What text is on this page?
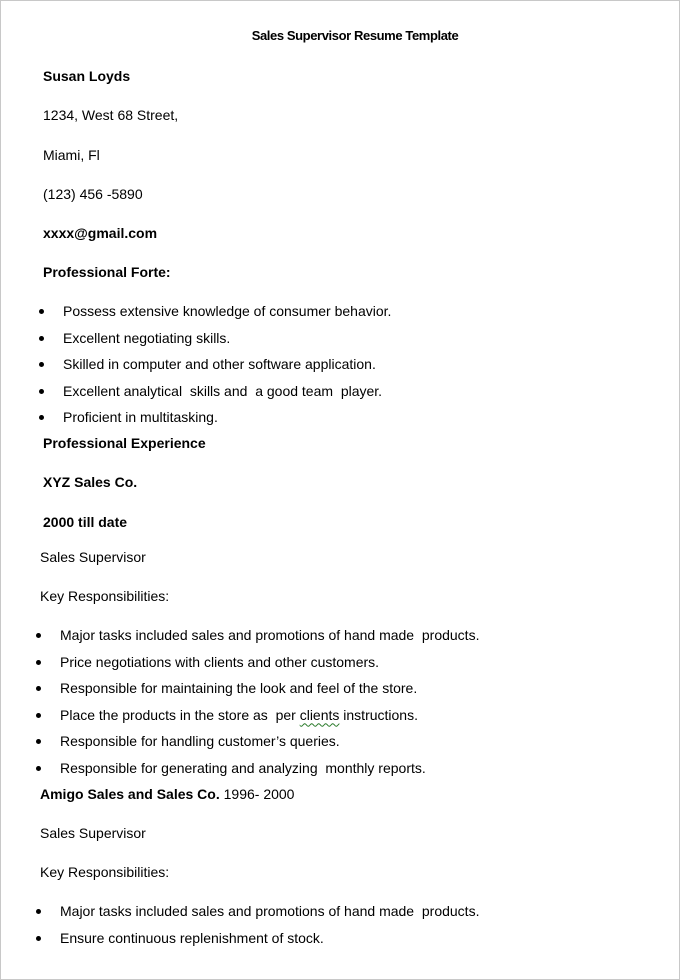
Sales Supervisor Resume Template
Susan Loyds
1234, West 68 Street,
Miami, Fl
(123) 456 -5890
xxxx@gmail.com
Professional Forte:
Possess extensive knowledge of consumer behavior.
Excellent negotiating skills.
Skilled in computer and other software application.
Excellent analytical  skills and  a good team  player.
Proficient in multitasking.
Professional Experience
XYZ Sales Co.
2000 till date
Sales Supervisor
Key Responsibilities:
Major tasks included sales and promotions of hand made  products.
Price negotiations with clients and other customers.
Responsible for maintaining the look and feel of the store.
Place the products in the store as  per clients instructions.
Responsible for handling customer’s queries.
Responsible for generating and analyzing  monthly reports.
Amigo Sales and Sales Co. 1996- 2000
Sales Supervisor
Key Responsibilities:
Major tasks included sales and promotions of hand made  products.
Ensure continuous replenishment of stock.
